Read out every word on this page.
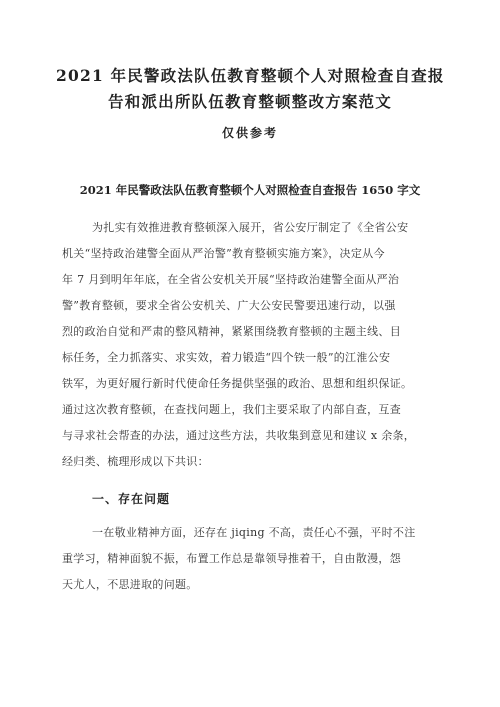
2021 年民警政法队伍教育整顿个人对照检查自查报
告和派出所队伍教育整顿整改方案范文
仅供参考
2021 年民警政法队伍教育整顿个人对照检查自查报告 1650 字文
为扎实有效推进教育整顿深入展开，省公安厅制定了《全省公安
机关“坚持政治建警全面从严治警”教育整顿实施方案》，决定从今
年 7 月到明年年底，在全省公安机关开展“坚持政治建警全面从严治
警”教育整顿，要求全省公安机关、广大公安民警要迅速行动，以强
烈的政治自觉和严肃的整风精神，紧紧围绕教育整顿的主题主线、目
标任务，全力抓落实、求实效，着力锻造“四个铁一般”的江淮公安
铁军，为更好履行新时代使命任务提供坚强的政治、思想和组织保证。
通过这次教育整顿，在查找问题上，我们主要采取了内部自查，互查
与寻求社会帮查的办法，通过这些方法，共收集到意见和建议 x 余条，
经归类、梳理形成以下共识：
一、存在问题
一在敬业精神方面，还存在 jiqing 不高，责任心不强，平时不注
重学习，精神面貌不振，布置工作总是靠领导推着干，自由散漫，怨
天尤人，不思进取的问题。
